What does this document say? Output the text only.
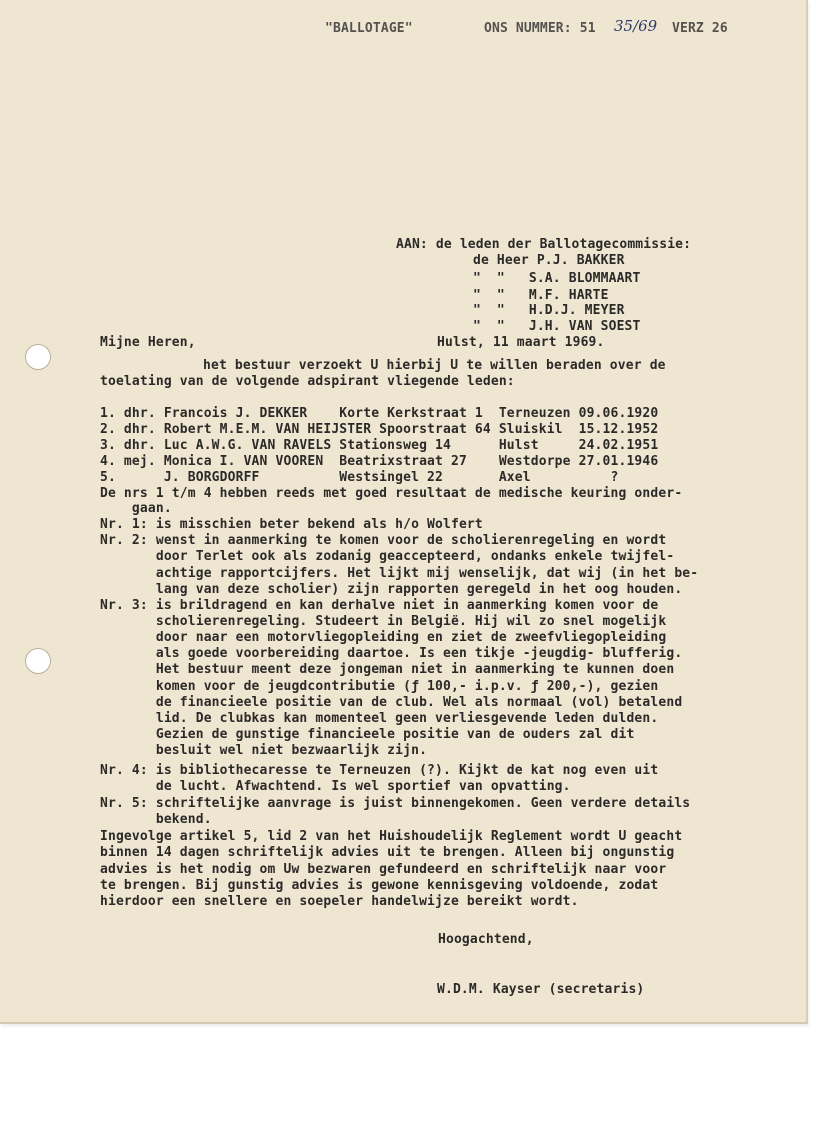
"BALLOTAGE"	ONS NUMMER: 51 35/69 VERZ 26
AAN: de leden der Ballotagecommissie:
de Heer P.J. BAKKER
"  "   S.A. BLOMMAART
"  "   M.F. HARTE
"  "   H.D.J. MEYER
"  "   J.H. VAN SOEST
Mijne Heren,	Hulst, 11 maart 1969.
het bestuur verzoekt U hierbij U te willen beraden over de
toelating van de volgende adspirant vliegende leden:
1. dhr. Francois J. DEKKER    Korte Kerkstraat 1  Terneuzen 09.06.1920
2. dhr. Robert M.E.M. VAN HEIJSTER Spoorstraat 64 Sluiskil  15.12.1952
3. dhr. Luc A.W.G. VAN RAVELS Stationsweg 14      Hulst     24.02.1951
4. mej. Monica I. VAN VOOREN  Beatrixstraat 27    Westdorpe 27.01.1946
5.      J. BORGDORFF          Westsingel 22       Axel          ?
De nrs 1 t/m 4 hebben reeds met goed resultaat de medische keuring onder-
gaan.
Nr. 1: is misschien beter bekend als h/o Wolfert
Nr. 2: wenst in aanmerking te komen voor de scholierenregeling en wordt
door Terlet ook als zodanig geaccepteerd, ondanks enkele twijfel-
achtige rapportcijfers. Het lijkt mij wenselijk, dat wij (in het be-
lang van deze scholier) zijn rapporten geregeld in het oog houden.
Nr. 3: is brildragend en kan derhalve niet in aanmerking komen voor de
scholierenregeling. Studeert in België. Hij wil zo snel mogelijk
door naar een motorvliegopleiding en ziet de zweefvliegopleiding
als goede voorbereiding daartoe. Is een tikje -jeugdig- blufferig.
Het bestuur meent deze jongeman niet in aanmerking te kunnen doen
komen voor de jeugdcontributie (ƒ 100,- i.p.v. ƒ 200,-), gezien
de financieele positie van de club. Wel als normaal (vol) betalend
lid. De clubkas kan momenteel geen verliesgevende leden dulden.
Gezien de gunstige financieele positie van de ouders zal dit
besluit wel niet bezwaarlijk zijn.
Nr. 4: is bibliothecaresse te Terneuzen (?). Kijkt de kat nog even uit
de lucht. Afwachtend. Is wel sportief van opvatting.
Nr. 5: schriftelijke aanvrage is juist binnengekomen. Geen verdere details
bekend.
Ingevolge artikel 5, lid 2 van het Huishoudelijk Reglement wordt U geacht
binnen 14 dagen schriftelijk advies uit te brengen. Alleen bij ongunstig
advies is het nodig om Uw bezwaren gefundeerd en schriftelijk naar voor
te brengen. Bij gunstig advies is gewone kennisgeving voldoende, zodat
hierdoor een snellere en soepeler handelwijze bereikt wordt.
Hoogachtend,
W.D.M. Kayser (secretaris)
